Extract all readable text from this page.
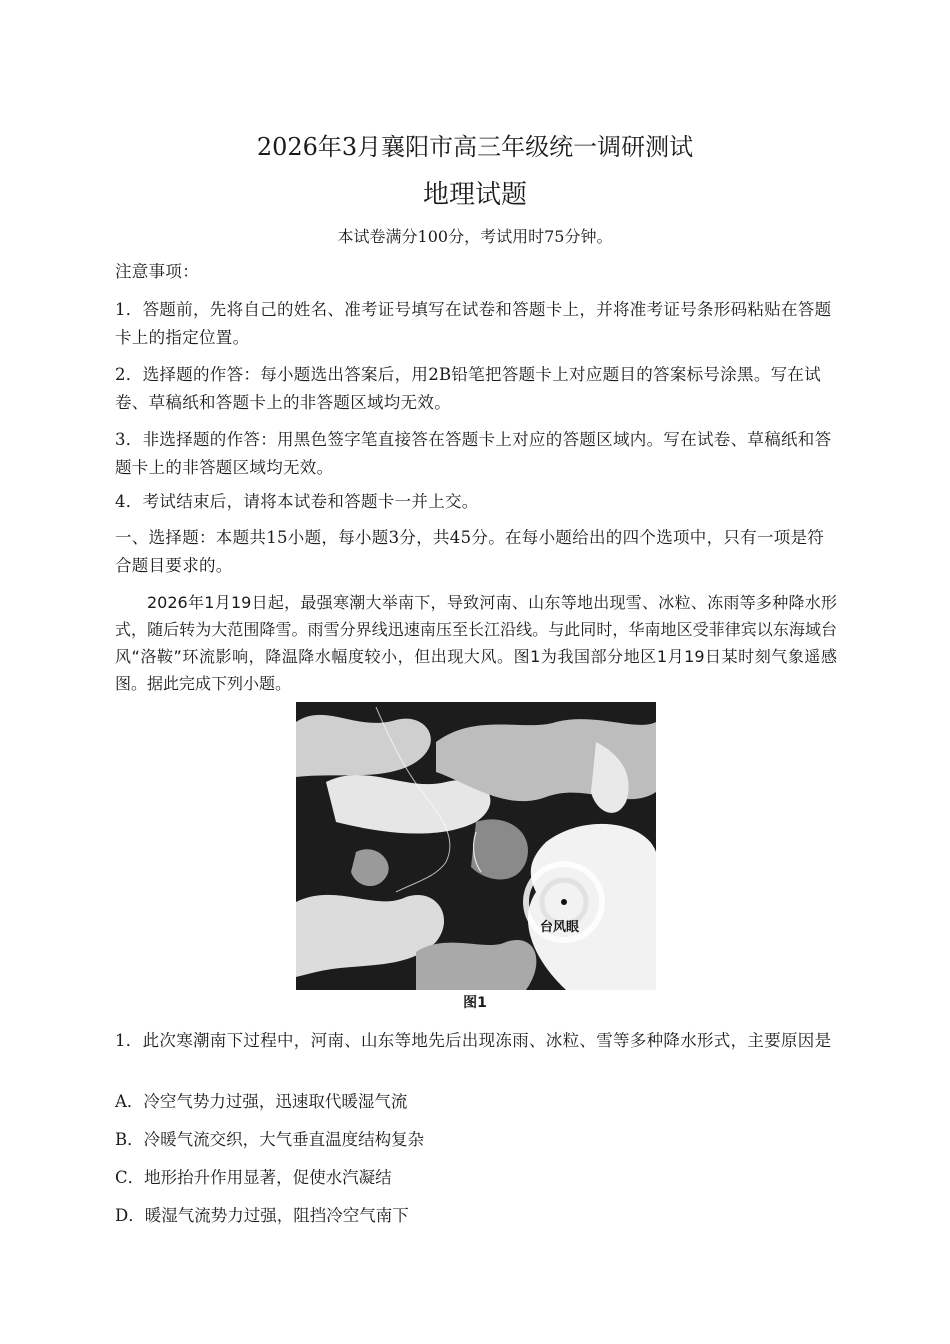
2026年3月襄阳市高三年级统一调研测试
地理试题
本试卷满分100分，考试用时75分钟。
注意事项：
1．答题前，先将自己的姓名、准考证号填写在试卷和答题卡上，并将准考证号条形码粘贴在答题卡上的指定位置。
2．选择题的作答：每小题选出答案后，用2B铅笔把答题卡上对应题目的答案标号涂黑。写在试卷、草稿纸和答题卡上的非答题区域均无效。
3．非选择题的作答：用黑色签字笔直接答在答题卡上对应的答题区域内。写在试卷、草稿纸和答题卡上的非答题区域均无效。
4．考试结束后，请将本试卷和答题卡一并上交。
一、选择题：本题共15小题，每小题3分，共45分。在每小题给出的四个选项中，只有一项是符合题目要求的。
2026年1月19日起，最强寒潮大举南下，导致河南、山东等地出现雪、冰粒、冻雨等多种降水形式，随后转为大范围降雪。雨雪分界线迅速南压至长江沿线。与此同时，华南地区受菲律宾以东海域台风“洛鞍”环流影响，降温降水幅度较小，但出现大风。图1为我国部分地区1月19日某时刻气象遥感图。据此完成下列小题。
台风眼
图1
1．此次寒潮南下过程中，河南、山东等地先后出现冻雨、冰粒、雪等多种降水形式，主要原因是
A．冷空气势力过强，迅速取代暖湿气流
B．冷暖气流交织，大气垂直温度结构复杂
C．地形抬升作用显著，促使水汽凝结
D．暖湿气流势力过强，阻挡冷空气南下
